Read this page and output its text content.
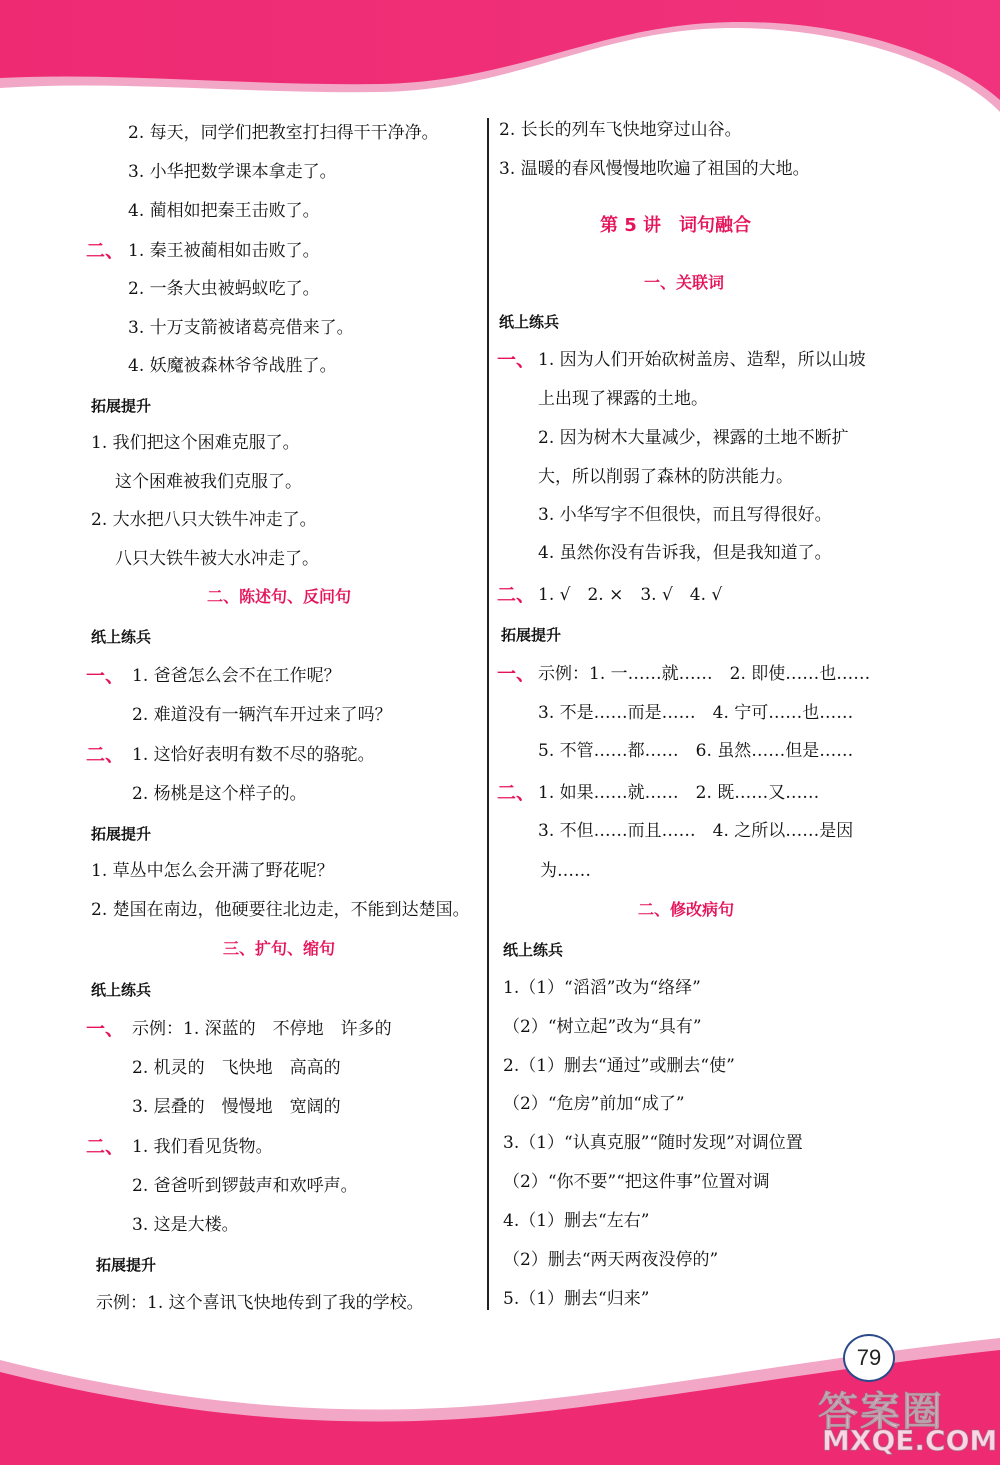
2. 每天，同学们把教室打扫得干干净净。
3. 小华把数学课本拿走了。
4. 蔺相如把秦王击败了。
二、 1. 秦王被蔺相如击败了。
2. 一条大虫被蚂蚁吃了。
3. 十万支箭被诸葛亮借来了。
4. 妖魔被森林爷爷战胜了。
拓展提升
1. 我们把这个困难克服了。
这个困难被我们克服了。
2. 大水把八只大铁牛冲走了。
八只大铁牛被大水冲走了。
二、陈述句、反问句
纸上练兵
一、 1. 爸爸怎么会不在工作呢？
2. 难道没有一辆汽车开过来了吗？
二、 1. 这恰好表明有数不尽的骆驼。
2. 杨桃是这个样子的。
拓展提升
1. 草丛中怎么会开满了野花呢？
2. 楚国在南边，他硬要往北边走，不能到达楚国。
三、扩句、缩句
纸上练兵
一、 示例：1. 深蓝的　不停地　许多的
2. 机灵的　飞快地　高高的
3. 层叠的　慢慢地　宽阔的
二、 1. 我们看见货物。
2. 爸爸听到锣鼓声和欢呼声。
3. 这是大楼。
拓展提升
示例：1. 这个喜讯飞快地传到了我的学校。
2. 长长的列车飞快地穿过山谷。
3. 温暖的春风慢慢地吹遍了祖国的大地。
第 5 讲　词句融合
一、关联词
纸上练兵
一、 1. 因为人们开始砍树盖房、造犁，所以山坡
上出现了裸露的土地。
2. 因为树木大量减少，裸露的土地不断扩
大，所以削弱了森林的防洪能力。
3. 小华写字不但很快，而且写得很好。
4. 虽然你没有告诉我，但是我知道了。
二、 1. √　2. ×　3. √　4. √
拓展提升
一、 示例：1. 一……就……　2. 即使……也……
3. 不是……而是……　4. 宁可……也……
5. 不管……都……　6. 虽然……但是……
二、 1. 如果……就……　2. 既……又……
3. 不但……而且……　4. 之所以……是因
为……
二、修改病句
纸上练兵
1.（1）“滔滔”改为“络绎”
（2）“树立起”改为“具有”
2.（1）删去“通过”或删去“使”
（2）“危房”前加“成了”
3.（1）“认真克服”“随时发现”对调位置
（2）“你不要”“把这件事”位置对调
4.（1）删去“左右”
（2）删去“两天两夜没停的”
5.（1）删去“归来”
79
答案圈
MXQE.COM
